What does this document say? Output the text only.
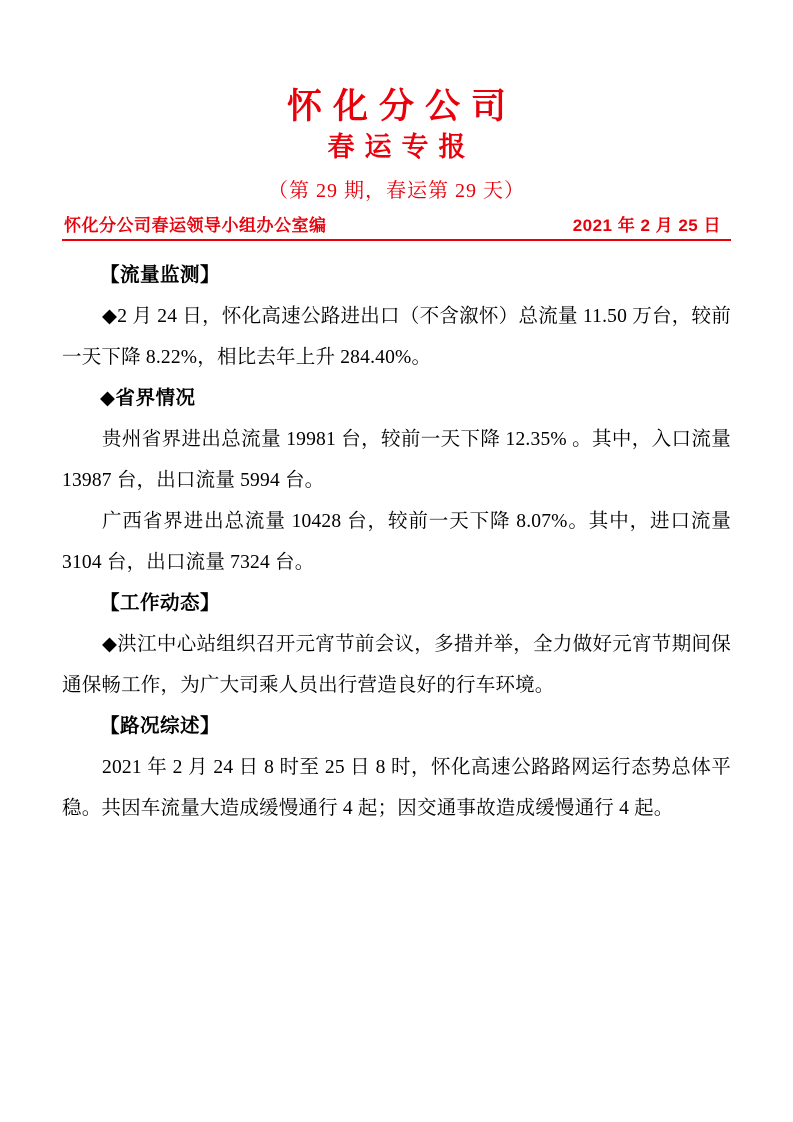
怀化分公司
春运专报
（第 29 期，春运第 29 天）
怀化分公司春运领导小组办公室编	2021 年 2 月 25 日
【流量监测】

◆2 月 24 日，怀化高速公路进出口（不含溆怀）总流量 11.50 万台，较前一天下降 8.22%，相比去年上升 284.40%。

◆省界情况

贵州省界进出总流量 19981 台，较前一天下降 12.35% 。其中，入口流量 13987 台，出口流量 5994 台。

广西省界进出总流量 10428 台，较前一天下降 8.07%。其中，进口流量 3104 台，出口流量 7324 台。

【工作动态】

◆洪江中心站组织召开元宵节前会议，多措并举，全力做好元宵节期间保通保畅工作，为广大司乘人员出行营造良好的行车环境。

【路况综述】

2021 年 2 月 24 日 8 时至 25 日 8 时，怀化高速公路路网运行态势总体平稳。共因车流量大造成缓慢通行 4 起；因交通事故造成缓慢通行 4 起。
